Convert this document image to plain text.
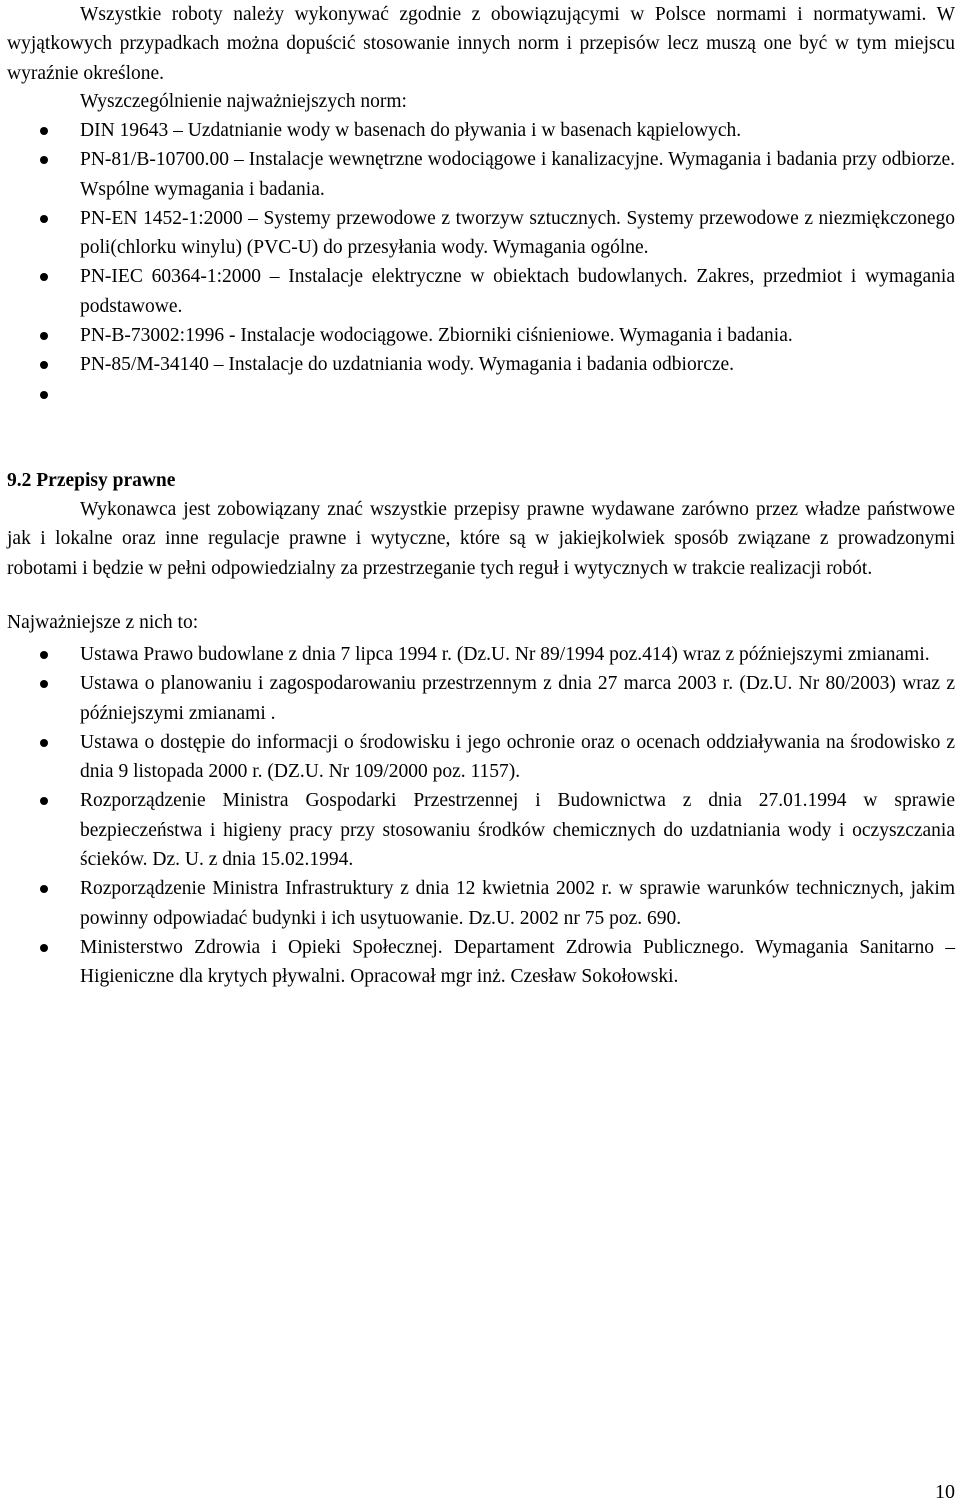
Wszystkie roboty należy wykonywać zgodnie z obowiązującymi w Polsce normami i normatywami. W wyjątkowych przypadkach można dopuścić stosowanie innych norm i przepisów lecz muszą one być w tym miejscu wyraźnie określone.
Wyszczególnienie najważniejszych norm:
DIN 19643 – Uzdatnianie wody w basenach do pływania i w basenach kąpielowych.
PN-81/B-10700.00 – Instalacje wewnętrzne wodociągowe i kanalizacyjne. Wymagania i badania przy odbiorze. Wspólne wymagania i badania.
PN-EN 1452-1:2000 – Systemy przewodowe z tworzyw sztucznych. Systemy przewodowe z niezmiękczonego poli(chlorku winylu) (PVC-U) do przesyłania wody. Wymagania ogólne.
PN-IEC 60364-1:2000 – Instalacje elektryczne w obiektach budowlanych. Zakres, przedmiot i wymagania podstawowe.
PN-B-73002:1996 - Instalacje wodociągowe. Zbiorniki ciśnieniowe. Wymagania i badania.
PN-85/M-34140 – Instalacje do uzdatniania wody. Wymagania i badania odbiorcze.
9.2 Przepisy prawne
Wykonawca jest zobowiązany znać wszystkie przepisy prawne wydawane zarówno przez władze państwowe jak i lokalne oraz inne regulacje prawne i wytyczne, które są w jakiejkolwiek sposób związane z prowadzonymi robotami i będzie w pełni odpowiedzialny za przestrzeganie tych reguł i wytycznych w trakcie realizacji robót.
Najważniejsze z nich to:
Ustawa Prawo budowlane z dnia 7 lipca 1994 r. (Dz.U. Nr 89/1994 poz.414) wraz z późniejszymi zmianami.
Ustawa o planowaniu i zagospodarowaniu przestrzennym z dnia 27 marca 2003 r. (Dz.U. Nr 80/2003) wraz z późniejszymi zmianami .
Ustawa o dostępie do informacji o środowisku i jego ochronie oraz o ocenach oddziaływania na środowisko z dnia 9 listopada 2000 r. (DZ.U. Nr 109/2000 poz. 1157).
Rozporządzenie Ministra Gospodarki Przestrzennej i Budownictwa z dnia 27.01.1994 w sprawie bezpieczeństwa i higieny pracy przy stosowaniu środków chemicznych do uzdatniania wody i oczyszczania ścieków. Dz. U. z dnia 15.02.1994.
Rozporządzenie Ministra Infrastruktury z dnia 12 kwietnia 2002 r. w sprawie warunków technicznych, jakim powinny odpowiadać budynki i ich usytuowanie. Dz.U. 2002 nr 75 poz. 690.
Ministerstwo Zdrowia i Opieki Społecznej. Departament Zdrowia Publicznego. Wymagania Sanitarno – Higieniczne dla krytych pływalni. Opracował mgr inż. Czesław Sokołowski.
10
